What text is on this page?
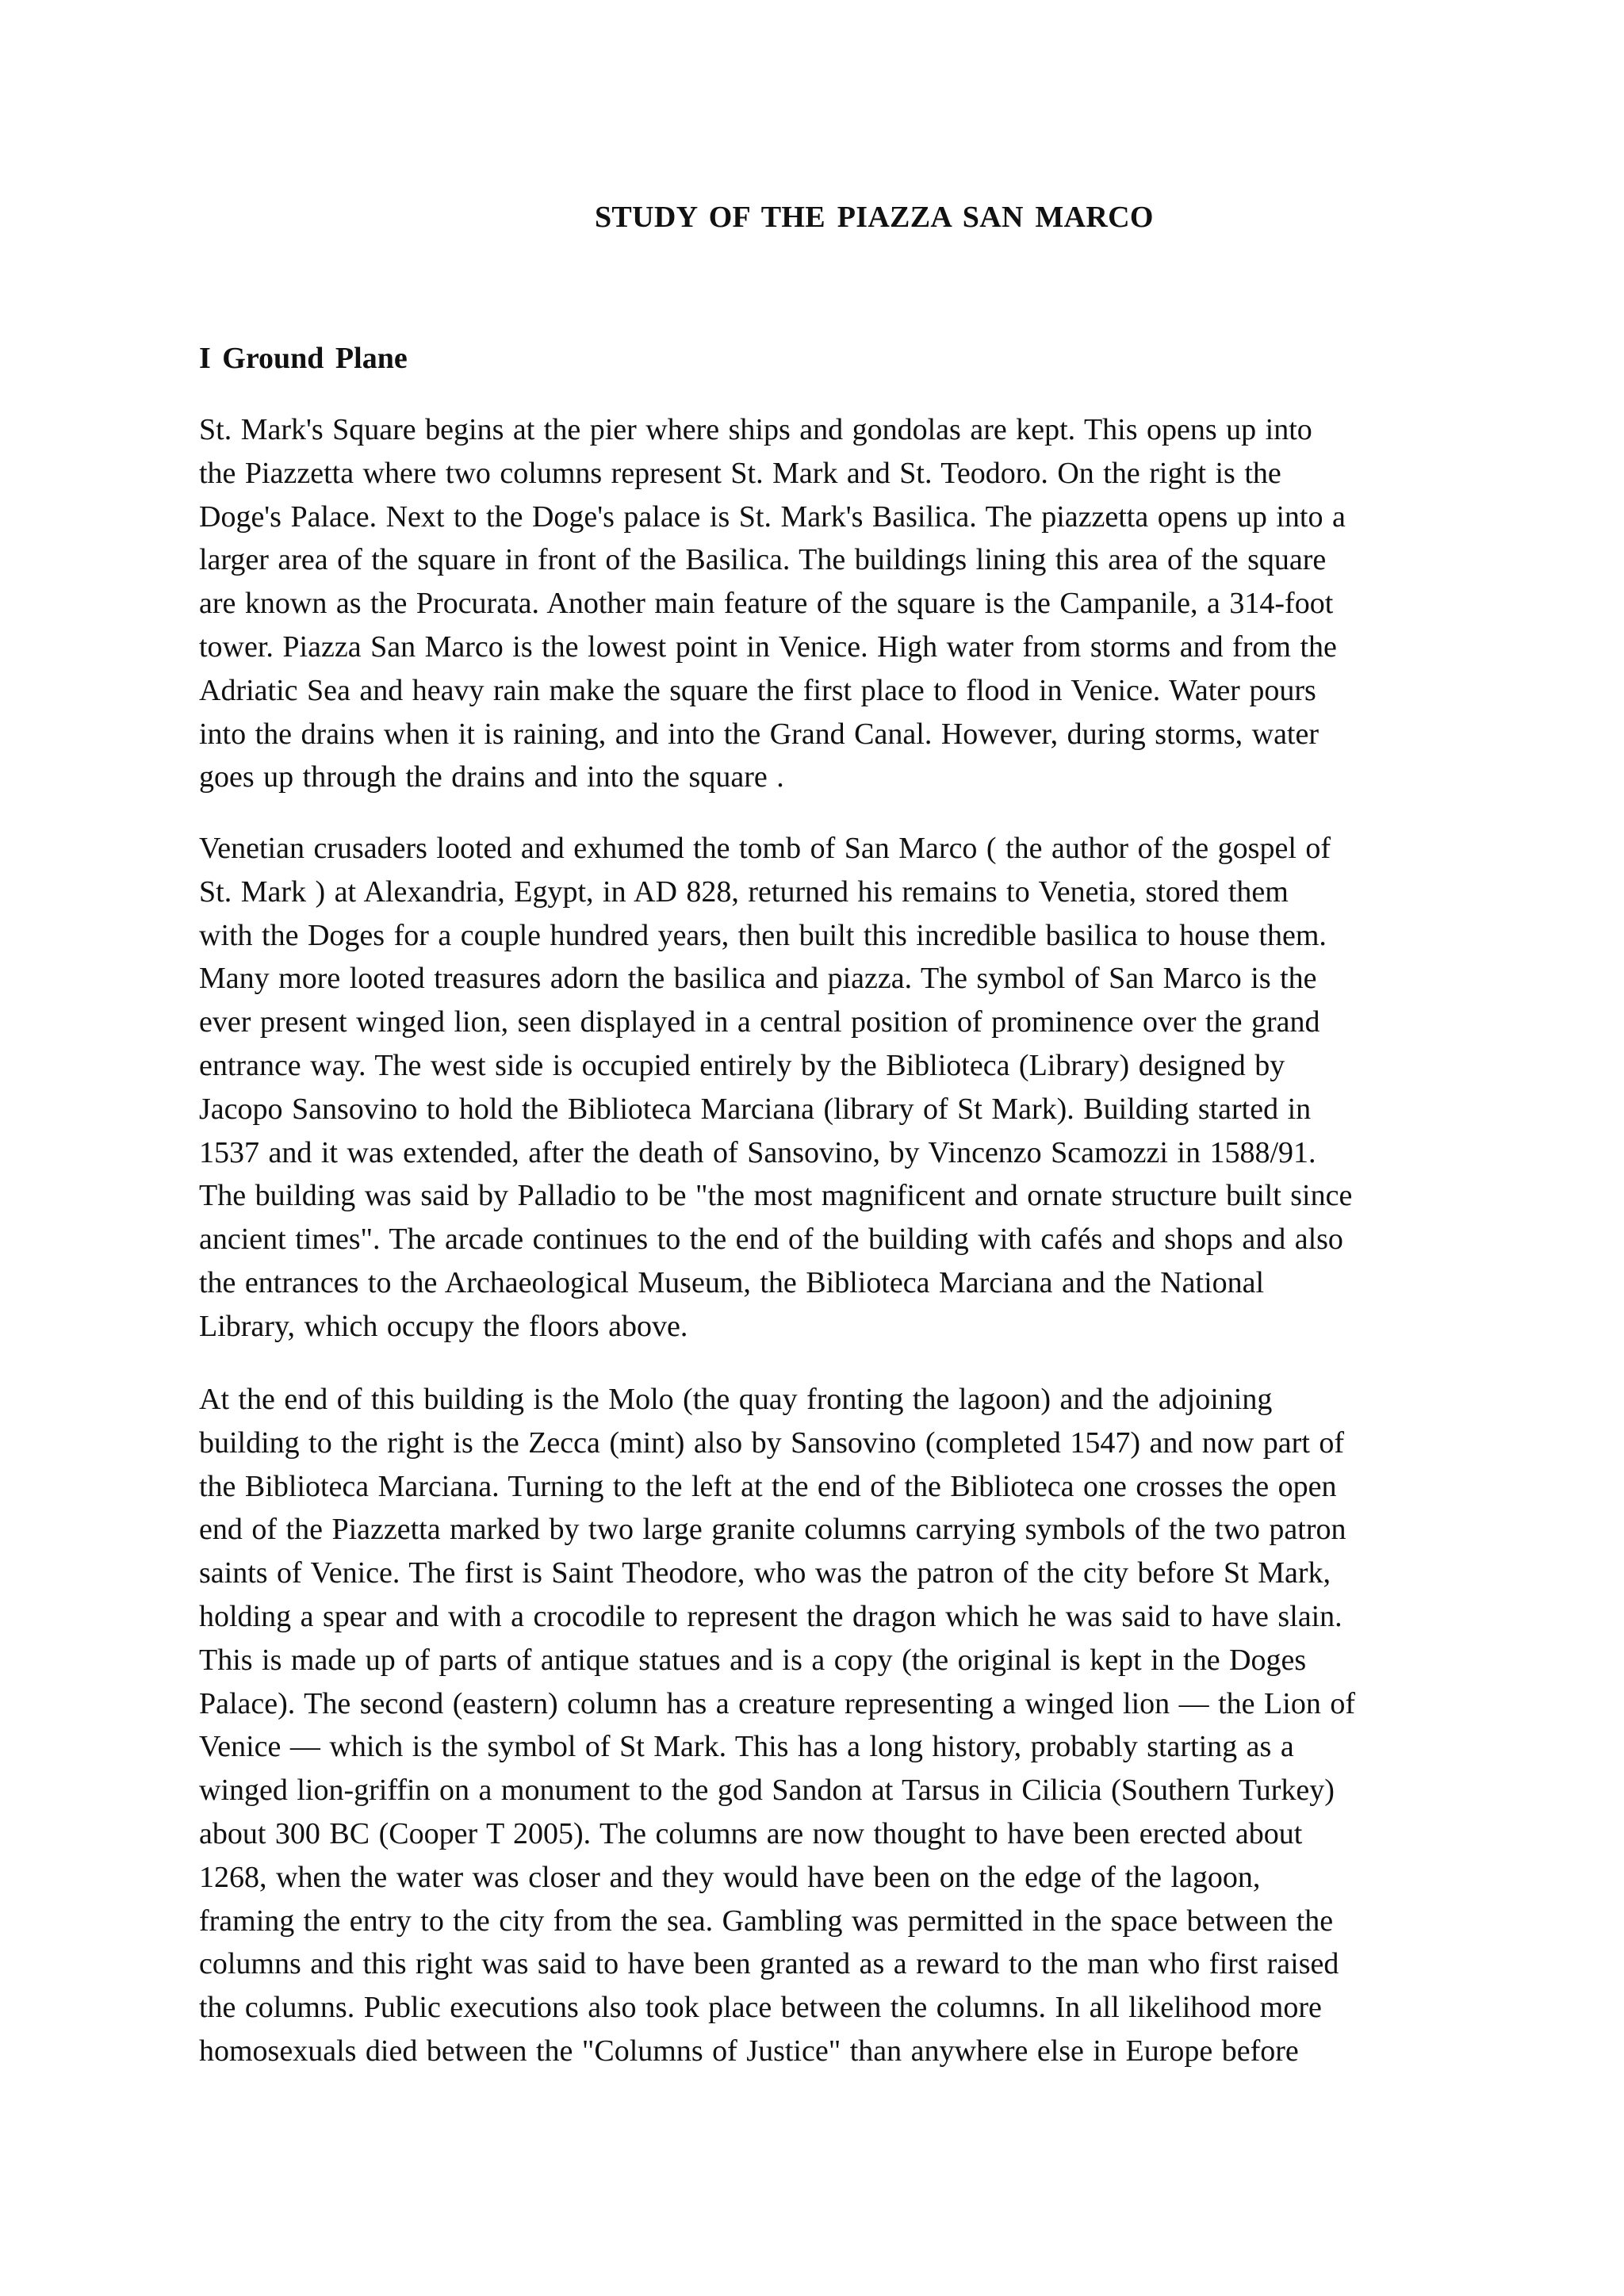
STUDY OF THE PIAZZA SAN MARCO
I Ground Plane
St. Mark's Square begins at the pier where ships and gondolas are kept. This opens up into
the Piazzetta where two columns represent St. Mark and St. Teodoro. On the right is the
Doge's Palace. Next to the Doge's palace is St. Mark's Basilica. The piazzetta opens up into a
larger area of the square in front of the Basilica. The buildings lining this area of the square
are known as the Procurata. Another main feature of the square is the Campanile, a 314-foot
tower. Piazza San Marco is the lowest point in Venice. High water from storms and from the
Adriatic Sea and heavy rain make the square the first place to flood in Venice. Water pours
into the drains when it is raining, and into the Grand Canal. However, during storms, water
goes up through the drains and into the square .
Venetian crusaders looted and exhumed the tomb of San Marco ( the author of the gospel of
St. Mark ) at Alexandria, Egypt, in AD 828, returned his remains to Venetia, stored them
with the Doges for a couple hundred years, then built this incredible basilica to house them.
Many more looted treasures adorn the basilica and piazza. The symbol of San Marco is the
ever present winged lion, seen displayed in a central position of prominence over the grand
entrance way. The west side is occupied entirely by the Biblioteca (Library) designed by
Jacopo Sansovino to hold the Biblioteca Marciana (library of St Mark). Building started in
1537 and it was extended, after the death of Sansovino, by Vincenzo Scamozzi in 1588/91.
The building was said by Palladio to be "the most magnificent and ornate structure built since
ancient times". The arcade continues to the end of the building with cafés and shops and also
the entrances to the Archaeological Museum, the Biblioteca Marciana and the National
Library, which occupy the floors above.
At the end of this building is the Molo (the quay fronting the lagoon) and the adjoining
building to the right is the Zecca (mint) also by Sansovino (completed 1547) and now part of
the Biblioteca Marciana. Turning to the left at the end of the Biblioteca one crosses the open
end of the Piazzetta marked by two large granite columns carrying symbols of the two patron
saints of Venice. The first is Saint Theodore, who was the patron of the city before St Mark,
holding a spear and with a crocodile to represent the dragon which he was said to have slain.
This is made up of parts of antique statues and is a copy (the original is kept in the Doges
Palace). The second (eastern) column has a creature representing a winged lion — the Lion of
Venice — which is the symbol of St Mark. This has a long history, probably starting as a
winged lion-griffin on a monument to the god Sandon at Tarsus in Cilicia (Southern Turkey)
about 300 BC (Cooper T 2005). The columns are now thought to have been erected about
1268, when the water was closer and they would have been on the edge of the lagoon,
framing the entry to the city from the sea. Gambling was permitted in the space between the
columns and this right was said to have been granted as a reward to the man who first raised
the columns. Public executions also took place between the columns. In all likelihood more
homosexuals died between the "Columns of Justice" than anywhere else in Europe before
